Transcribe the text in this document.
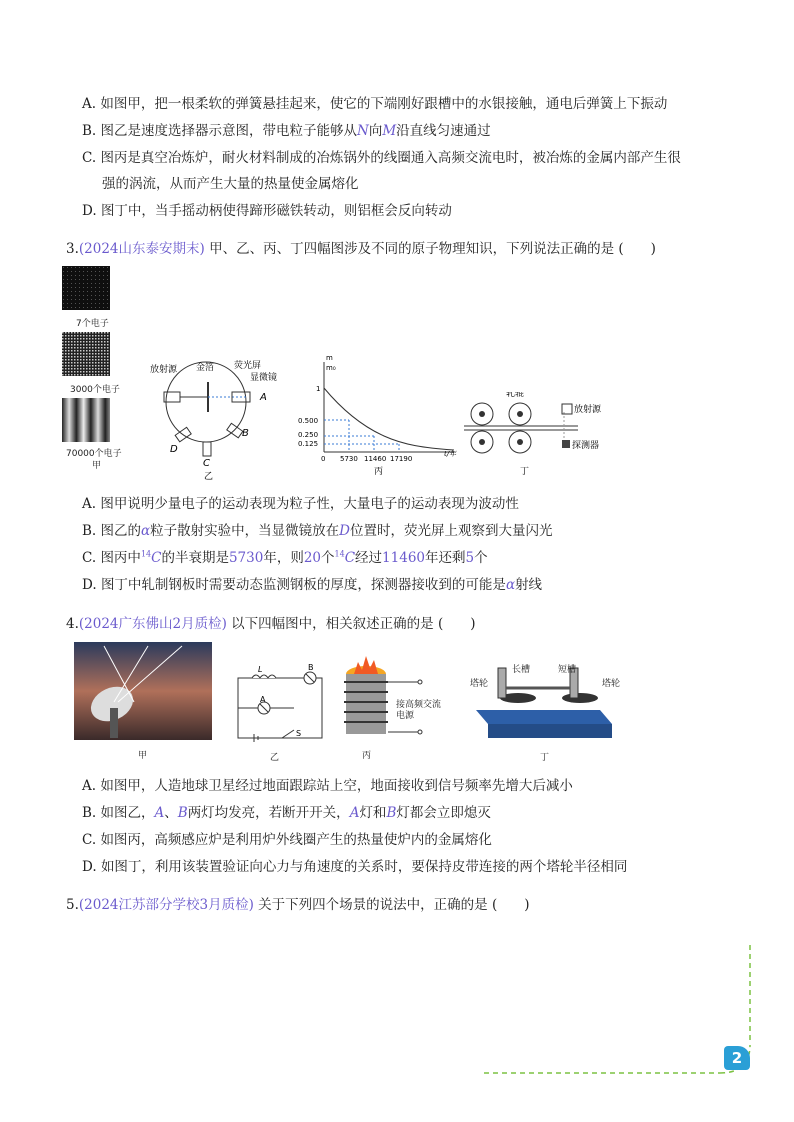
A. 如图甲，把一根柔软的弹簧悬挂起来，使它的下端刚好跟槽中的水银接触，通电后弹簧上下振动
B. 图乙是速度选择器示意图，带电粒子能够从N向M沿直线匀速通过
C. 图丙是真空冶炼炉，耐火材料制成的冶炼锅外的线圈通入高频交流电时，被冶炼的金属内部产生很
强的涡流，从而产生大量的热量使金属熔化
D. 图丁中，当手摇动柄使得蹄形磁铁转动，则铝框会反向转动
3.(2024山东泰安期末) 甲、乙、丙、丁四幅图涉及不同的原子物理知识，下列说法正确的是 (　　)
7个电子
3000个电子
70000个电子
甲
放射源 金箔 荧光屏
显微镜
A
B
C
D
乙
m
m₀
1
0.500
0.250
0.125
0 5730 11460 17190
t/年
丙
轧辊
放射源
探测器
丁
A. 图甲说明少量电子的运动表现为粒子性，大量电子的运动表现为波动性
B. 图乙的α粒子散射实验中，当显微镜放在D位置时，荧光屏上观察到大量闪光
C. 图丙中$^{14}$C的半衰期是5730年，则20个$^{14}$C经过11460年还剩5个
D. 图丁中轧制钢板时需要动态监测钢板的厚度，探测器接收到的可能是α射线
4.(2024广东佛山2月质检) 以下四幅图中，相关叙述正确的是 (　　)
甲
L	B
A
S
乙
接高频交流电源
丙
塔轮
长槽	短槽
塔轮
丁
A. 如图甲，人造地球卫星经过地面跟踪站上空，地面接收到信号频率先增大后减小
B. 如图乙，A、B两灯均发亮，若断开开关，A灯和B灯都会立即熄灭
C. 如图丙，高频感应炉是利用炉外线圈产生的热量使炉内的金属熔化
D. 如图丁，利用该装置验证向心力与角速度的关系时，要保持皮带连接的两个塔轮半径相同
5.(2024江苏部分学校3月质检) 关于下列四个场景的说法中，正确的是 (　　)
2
